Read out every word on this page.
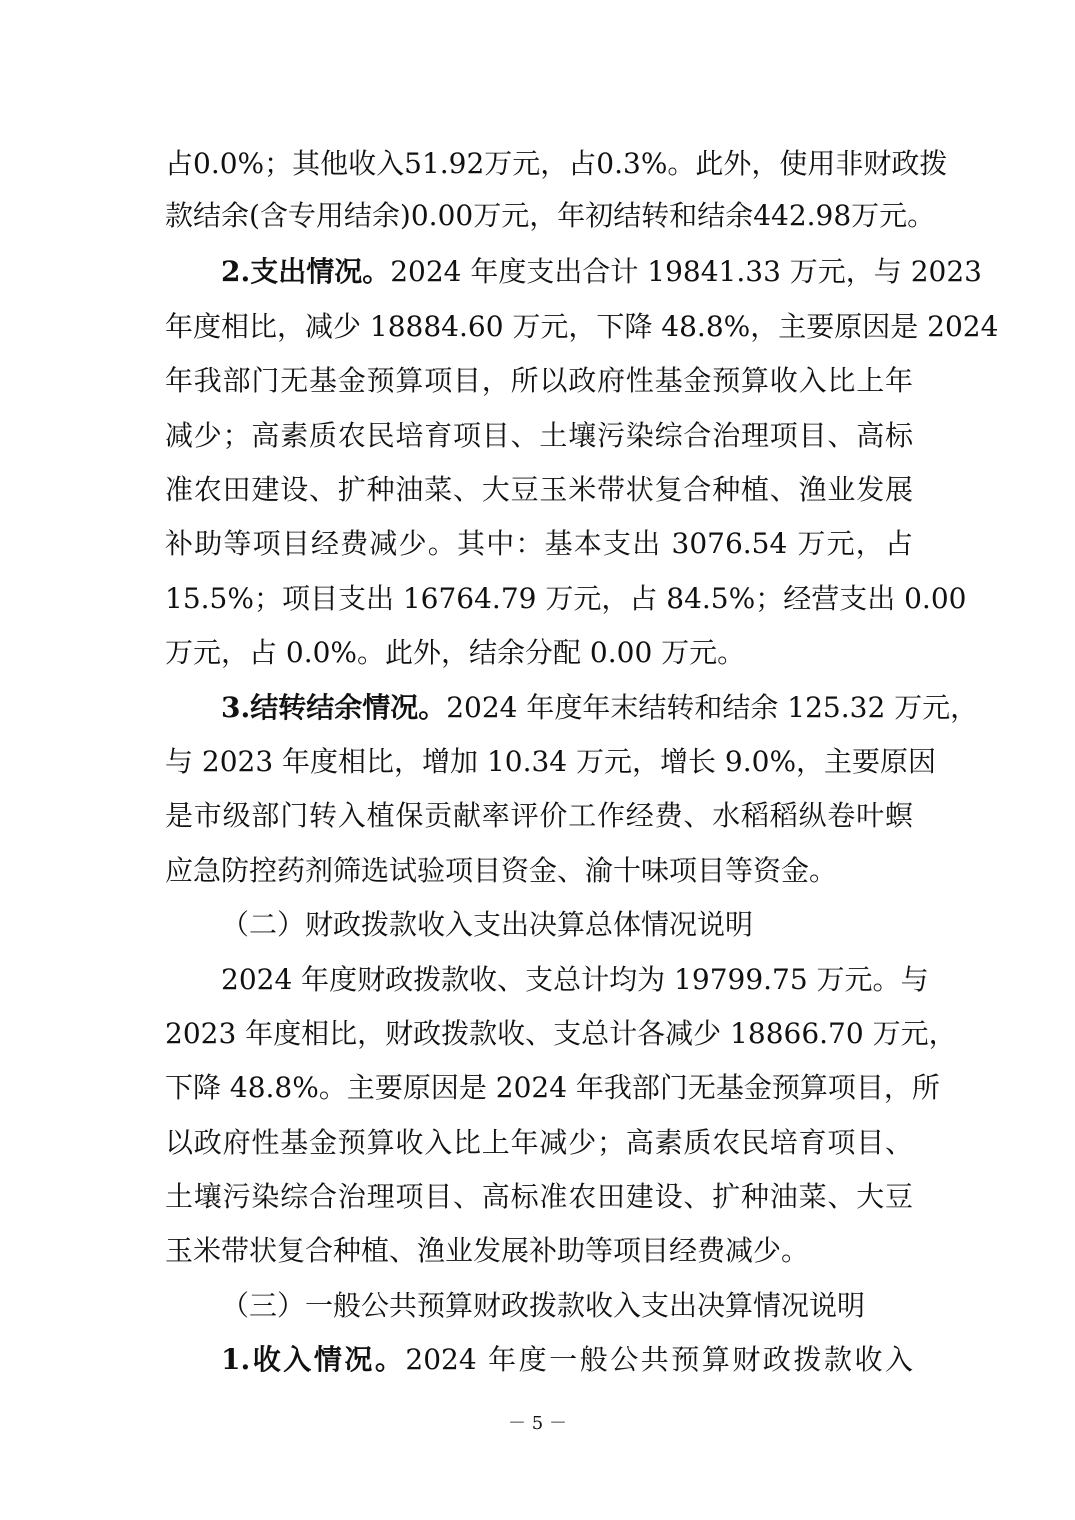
占0.0%；其他收入51.92万元，占0.3%。此外，使用非财政拨
款结余(含专用结余)0.00万元，年初结转和结余442.98万元。
2.支出情况。2024 年度支出合计 19841.33 万元，与 2023
年度相比，减少 18884.60 万元，下降 48.8%，主要原因是 2024
年我部门无基金预算项目，所以政府性基金预算收入比上年
减少；高素质农民培育项目、土壤污染综合治理项目、高标
准农田建设、扩种油菜、大豆玉米带状复合种植、渔业发展
补助等项目经费减少。其中：基本支出 3076.54 万元，占
15.5%；项目支出 16764.79 万元，占 84.5%；经营支出 0.00
万元，占 0.0%。此外，结余分配 0.00 万元。
3.结转结余情况。2024 年度年末结转和结余 125.32 万元，
与 2023 年度相比，增加 10.34 万元，增长 9.0%，主要原因
是市级部门转入植保贡献率评价工作经费、水稻稻纵卷叶螟
应急防控药剂筛选试验项目资金、渝十味项目等资金。
（二）财政拨款收入支出决算总体情况说明
2024 年度财政拨款收、支总计均为 19799.75 万元。与
2023 年度相比，财政拨款收、支总计各减少 18866.70 万元，
下降 48.8%。主要原因是 2024 年我部门无基金预算项目，所
以政府性基金预算收入比上年减少；高素质农民培育项目、
土壤污染综合治理项目、高标准农田建设、扩种油菜、大豆
玉米带状复合种植、渔业发展补助等项目经费减少。
（三）一般公共预算财政拨款收入支出决算情况说明
1.收入情况。2024 年度一般公共预算财政拨款收入
－ 5 －
